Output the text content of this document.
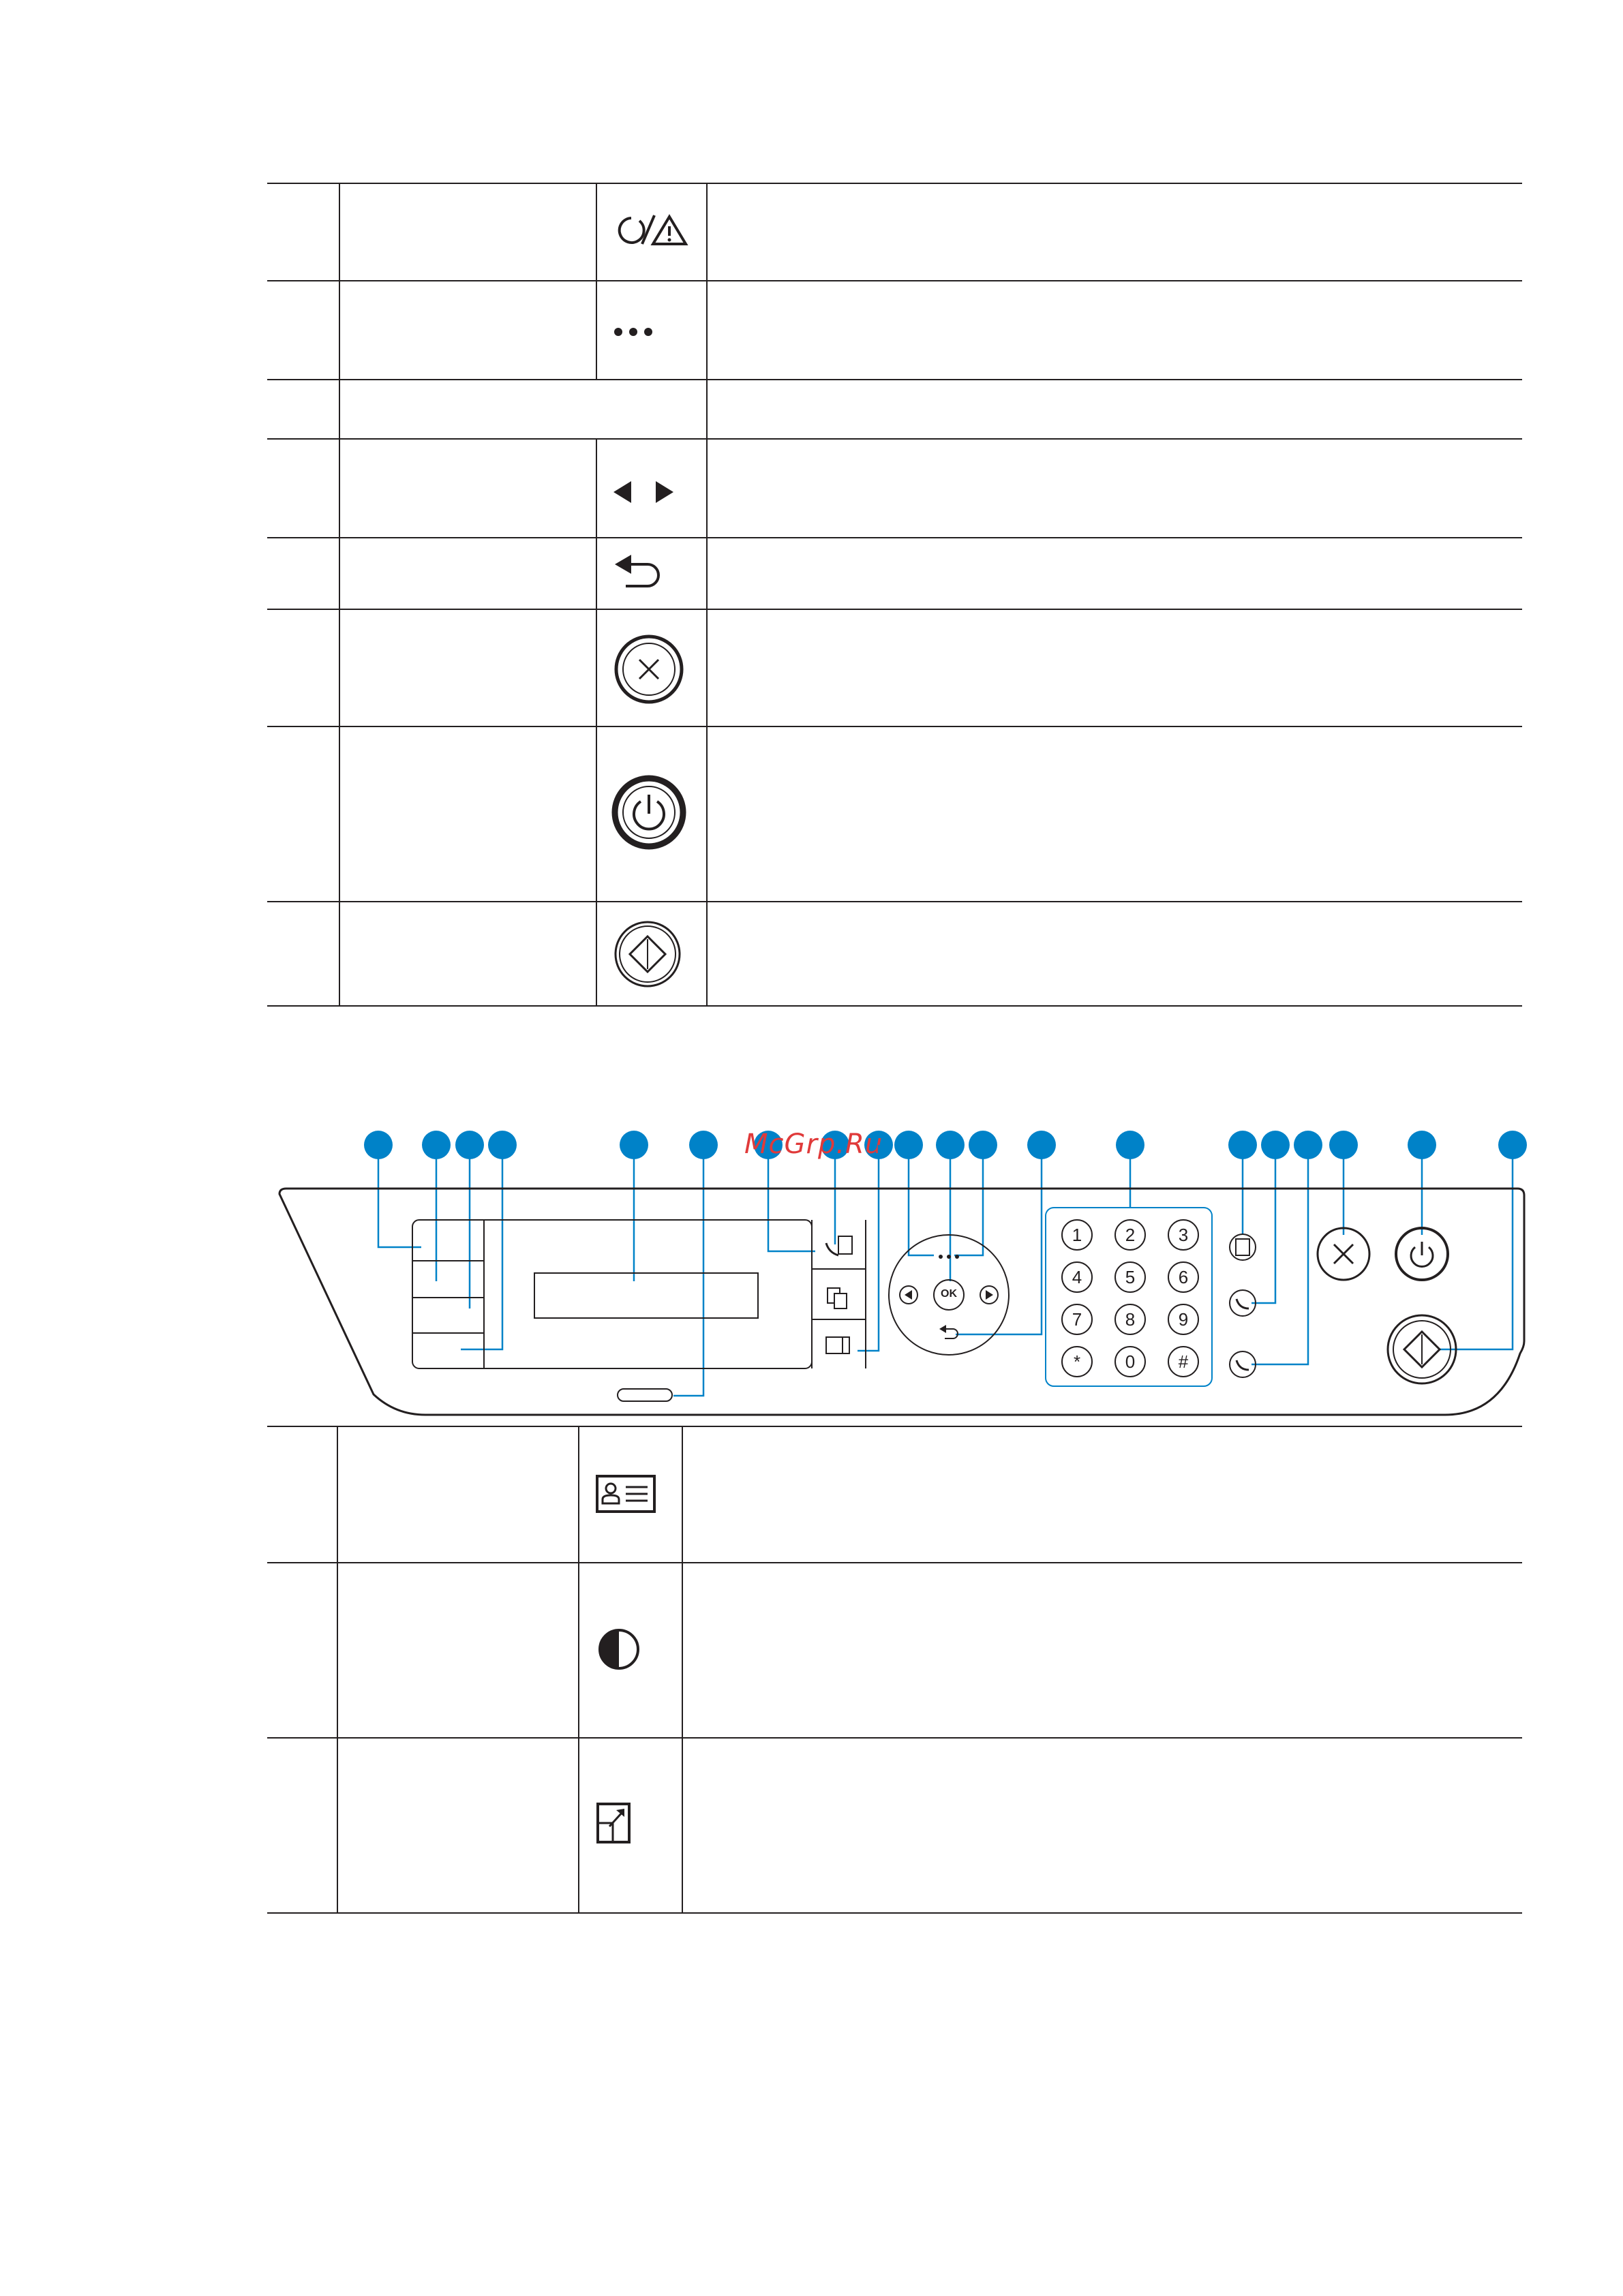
McGrp.Ru
OK
1 2 3
4 5 6
7 8 9
*	0 #
